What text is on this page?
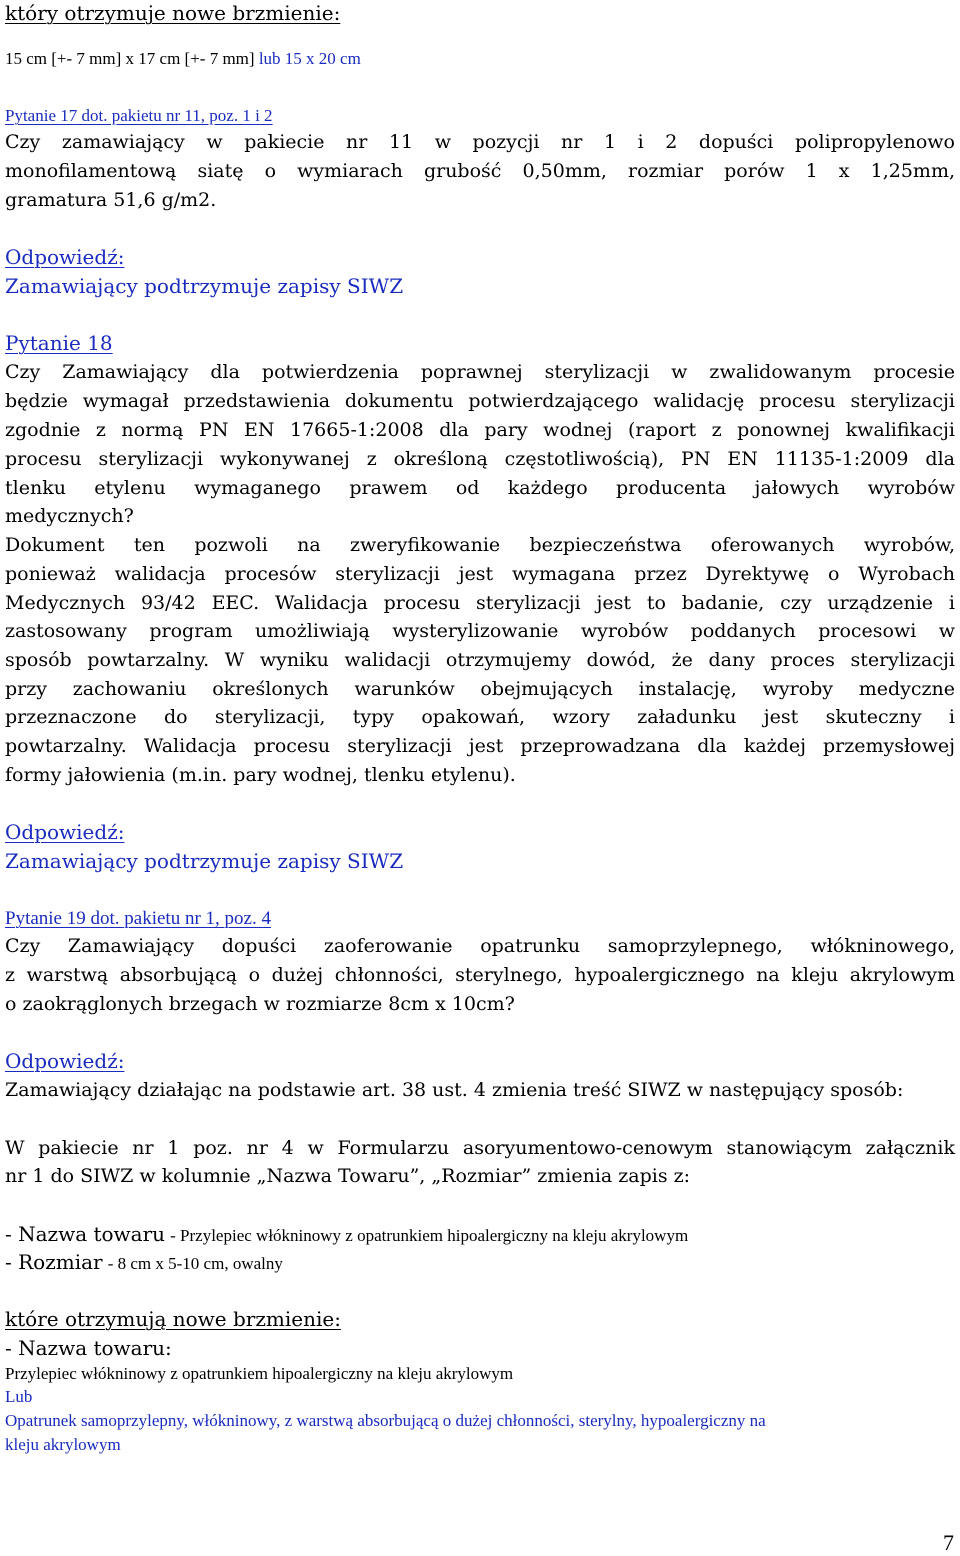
który otrzymuje nowe brzmienie:
15 cm [+- 7 mm] x 17 cm [+- 7 mm] lub 15 x 20 cm
Pytanie 17 dot. pakietu nr 11, poz. 1 i 2
Czy zamawiający w pakiecie nr 11 w pozycji nr 1 i 2 dopuści polipropylenowo
monofilamentową siatę o wymiarach grubość 0,50mm, rozmiar porów 1 x 1,25mm,
gramatura 51,6 g/m2.
Odpowiedź:
Zamawiający podtrzymuje zapisy SIWZ
Pytanie 18
Czy Zamawiający dla potwierdzenia poprawnej sterylizacji w zwalidowanym procesie
będzie wymagał przedstawienia dokumentu potwierdzającego walidację procesu sterylizacji
zgodnie z normą PN EN 17665-1:2008 dla pary wodnej (raport z ponownej kwalifikacji
procesu sterylizacji wykonywanej z określoną częstotliwością), PN EN 11135-1:2009 dla
tlenku etylenu wymaganego prawem od każdego producenta jałowych wyrobów
medycznych?
Dokument ten pozwoli na zweryfikowanie bezpieczeństwa oferowanych wyrobów,
ponieważ walidacja procesów sterylizacji jest wymagana przez Dyrektywę o Wyrobach
Medycznych 93/42 EEC. Walidacja procesu sterylizacji jest to badanie, czy urządzenie i
zastosowany program umożliwiają wysterylizowanie wyrobów poddanych procesowi w
sposób powtarzalny. W wyniku walidacji otrzymujemy dowód, że dany proces sterylizacji
przy zachowaniu określonych warunków obejmujących instalację, wyroby medyczne
przeznaczone do sterylizacji, typy opakowań, wzory załadunku jest skuteczny i
powtarzalny. Walidacja procesu sterylizacji jest przeprowadzana dla każdej przemysłowej
formy jałowienia (m.in. pary wodnej, tlenku etylenu).
Odpowiedź:
Zamawiający podtrzymuje zapisy SIWZ
Pytanie 19 dot. pakietu nr 1, poz. 4
Czy Zamawiający dopuści zaoferowanie opatrunku samoprzylepnego, włókninowego,
z warstwą absorbującą o dużej chłonności, sterylnego, hypoalergicznego na kleju akrylowym
o zaokrąglonych brzegach w rozmiarze 8cm x 10cm?
Odpowiedź:
Zamawiający działając na podstawie art. 38 ust. 4 zmienia treść SIWZ w następujący sposób:
W pakiecie nr 1 poz. nr 4 w Formularzu asoryumentowo-cenowym stanowiącym załącznik
nr 1 do SIWZ w kolumnie „Nazwa Towaru”, „Rozmiar” zmienia zapis z:
- Nazwa towaru - Przylepiec włókninowy z opatrunkiem hipoalergiczny na kleju akrylowym
- Rozmiar - 8 cm x 5-10 cm, owalny
które otrzymują nowe brzmienie:
- Nazwa towaru:
Przylepiec włókninowy z opatrunkiem hipoalergiczny na kleju akrylowym
Lub
Opatrunek samoprzylepny, włókninowy, z warstwą absorbującą o dużej chłonności, sterylny, hypoalergiczny na
kleju akrylowym
7
